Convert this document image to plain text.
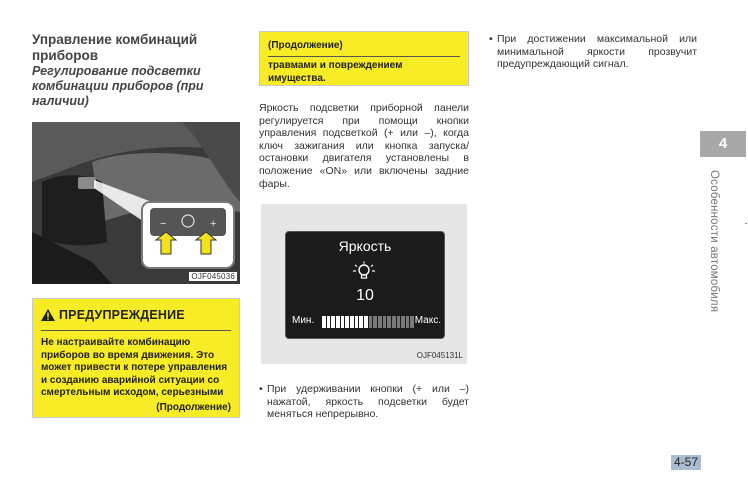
Управление комбинаций приборов
Регулирование подсветки комбинации приборов (при наличии)
−	+
OJF045036
ПРЕДУПРЕЖДЕНИЕ
Не настраивайте комбинацию приборов во время движения. Это может привести к потере управления и созданию аварийной ситуации со смертельным исходом, серьезными
(Продолжение)
(Продолжение)
травмами и повреждением имущества.
Яркость подсветки приборной панели регулируется при помощи кнопки управления подсветкой (+ или –), когда ключ зажигания или кнопка запуска/остановки двигателя установлены в положение «ON» или включены задние фары.
Яркость
10
Мин.	Макс.
OJF045131L
• При удерживании кнопки (+ или –) нажатой, яркость подсветки будет меняться непрерывно.
• При достижении максимальной или минимальной яркости прозвучит предупреждающий сигнал.
4
Особенности автомобиля
4-57
